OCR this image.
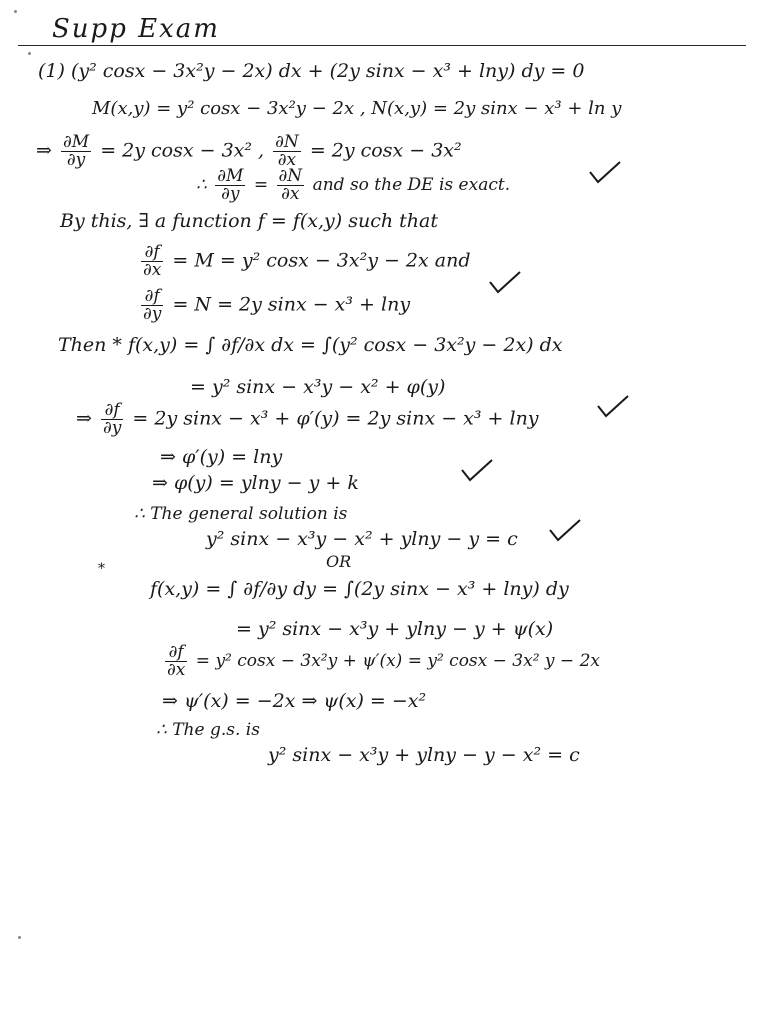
Supp Exam
(1) (y² cosx − 3x²y − 2x) dx + (2y sinx − x³ + lny) dy = 0
M(x,y) = y² cosx − 3x²y − 2x , N(x,y) = 2y sinx − x³ + ln y
⇒ $\frac{\partial M}{\partial y} = 2y$ cosx − 3x² , $\frac{\partial N}{\partial x} = 2y$ cosx − 3x²
∴ $\frac{\partial M}{\partial y} = \frac{\partial N}{\partial x}$ and so the DE is exact.
By this, ∃ a function f = f(x,y) such that
$\frac{\partial f}{\partial x} = M = y^2$ cosx − 3x²y − 2x and
$\frac{\partial f}{\partial y} = N = 2y$ sinx − x³ + lny
Then * f(x,y) = ∫ ∂f/∂x dx = ∫(y² cosx − 3x²y − 2x) dx
= y² sinx − x³y − x² + φ(y)
⇒ $\frac{\partial f}{\partial y} = 2y$ sinx − x³ + φ′(y) = 2y sinx − x³ + lny
⇒ φ′(y) = lny
⇒ φ(y) = ylny − y + k
∴ The general solution is
y² sinx − x³y − x² + ylny − y = c
OR
*
f(x,y) = ∫ ∂f/∂y dy = ∫(2y sinx − x³ + lny) dy
= y² sinx − x³y + ylny − y + ψ(x)
$\frac{\partial f}{\partial x} = y^2$ cosx − 3x²y + ψ′(x) = y² cosx − 3x² y − 2x
⇒ ψ′(x) = −2x ⇒ ψ(x) = −x²
∴ The g.s. is
y² sinx − x³y + ylny − y − x² = c
